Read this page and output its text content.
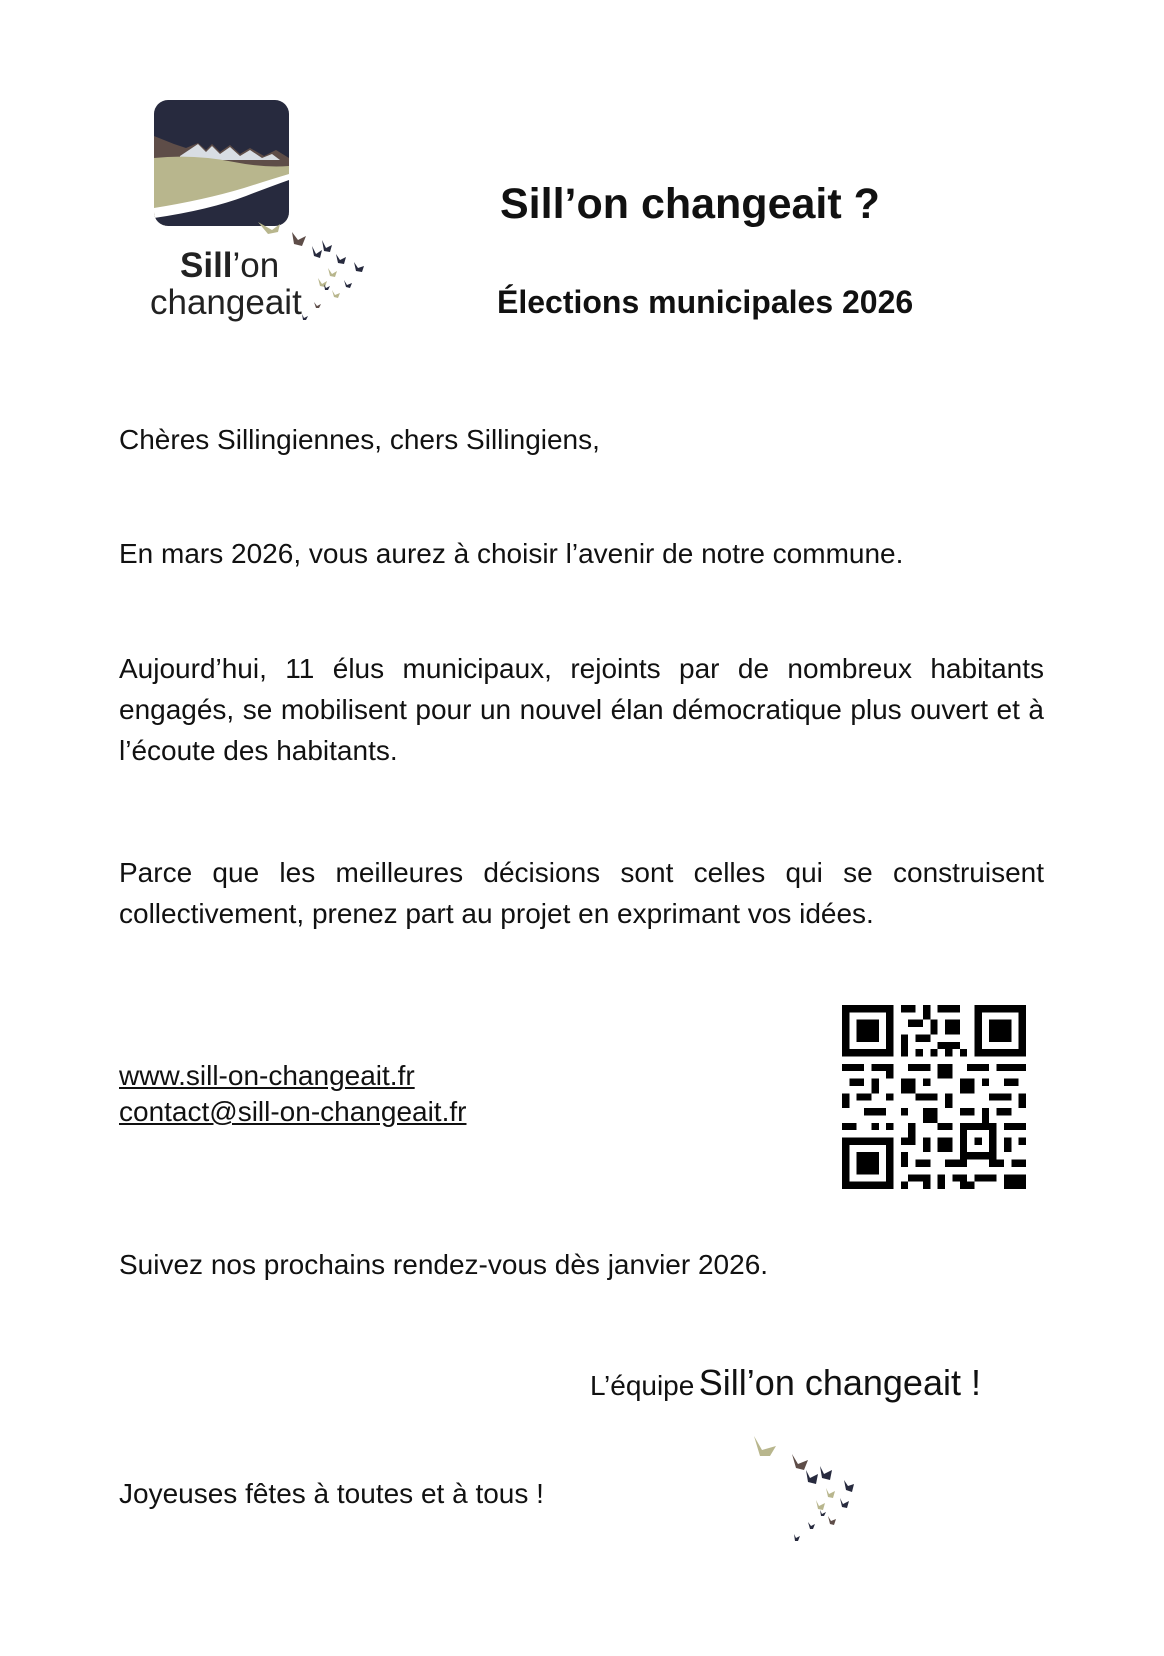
Sill’on
changeait
Sill’on changeait ?
Élections municipales 2026
Chères Sillingiennes, chers Sillingiens,
En mars 2026, vous aurez à choisir l’avenir de notre commune.
Aujourd’hui, 11 élus municipaux, rejoints par de nombreux habitants engagés, se mobilisent pour un nouvel élan démocratique plus ouvert et à l’écoute des habitants.
Parce que les meilleures décisions sont celles qui se construisent collectivement, prenez part au projet en exprimant vos idées.
www.sill-on-changeait.fr
contact@sill-on-changeait.fr
Suivez nos prochains rendez-vous dès janvier 2026.
L’équipe Sill’on changeait !
Joyeuses fêtes à toutes et à tous !
